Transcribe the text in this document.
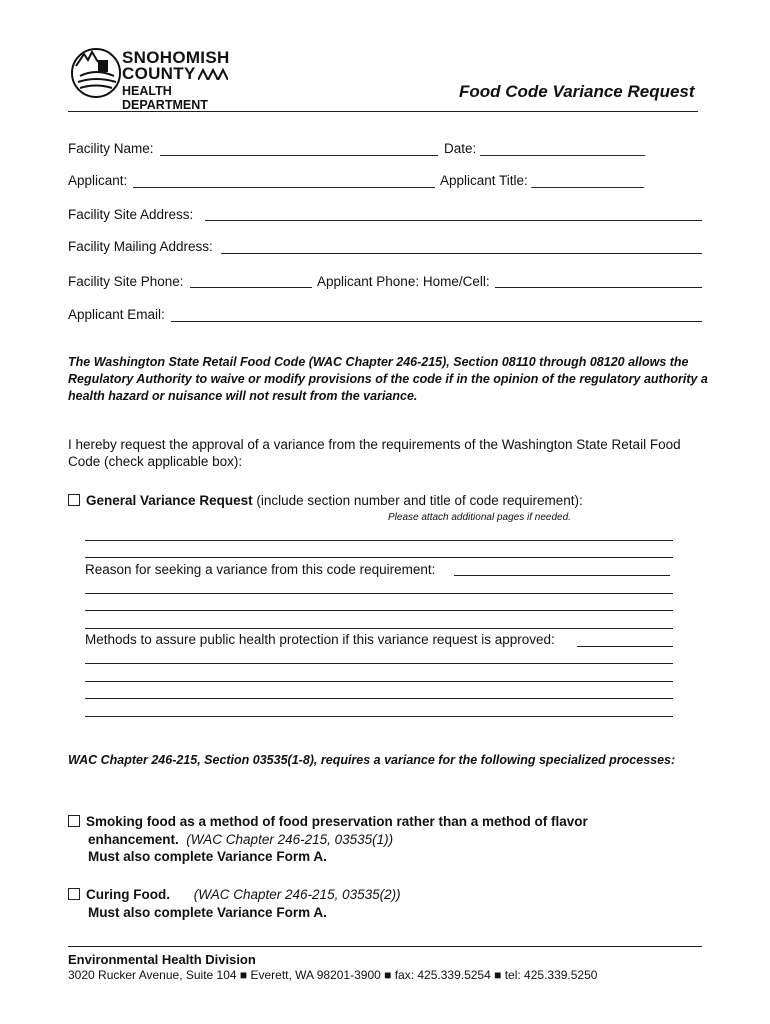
SNOHOMISH
COUNTY
HEALTH DEPARTMENT
Food Code Variance Request
Facility Name:	Date: ______________________
Applicant:	Applicant Title: _______________
Facility Site Address:
Facility Mailing Address:
Facility Site Phone:	Applicant Phone: Home/Cell:
Applicant Email:
The Washington State Retail Food Code (WAC Chapter 246-215), Section 08110 through 08120 allows the Regulatory Authority to waive or modify provisions of the code if in the opinion of the regulatory authority a health hazard or nuisance will not result from the variance.
I hereby request the approval of a variance from the requirements of the Washington State Retail Food Code (check applicable box):
General Variance Request (include section number and title of code requirement):
Please attach additional pages if needed.
Reason for seeking a variance from this code requirement:
Methods to assure public health protection if this variance request is approved:
WAC Chapter 246-215, Section 03535(1-8), requires a variance for the following specialized processes:
Smoking food as a method of food preservation rather than a method of flavor
enhancement. (WAC Chapter 246-215, 03535(1))
Must also complete Variance Form A.
Curing Food. (WAC Chapter 246-215, 03535(2))
Must also complete Variance Form A.
Environmental Health Division
3020 Rucker Avenue, Suite 104 ■ Everett, WA 98201-3900 ■ fax: 425.339.5254 ■ tel: 425.339.5250
